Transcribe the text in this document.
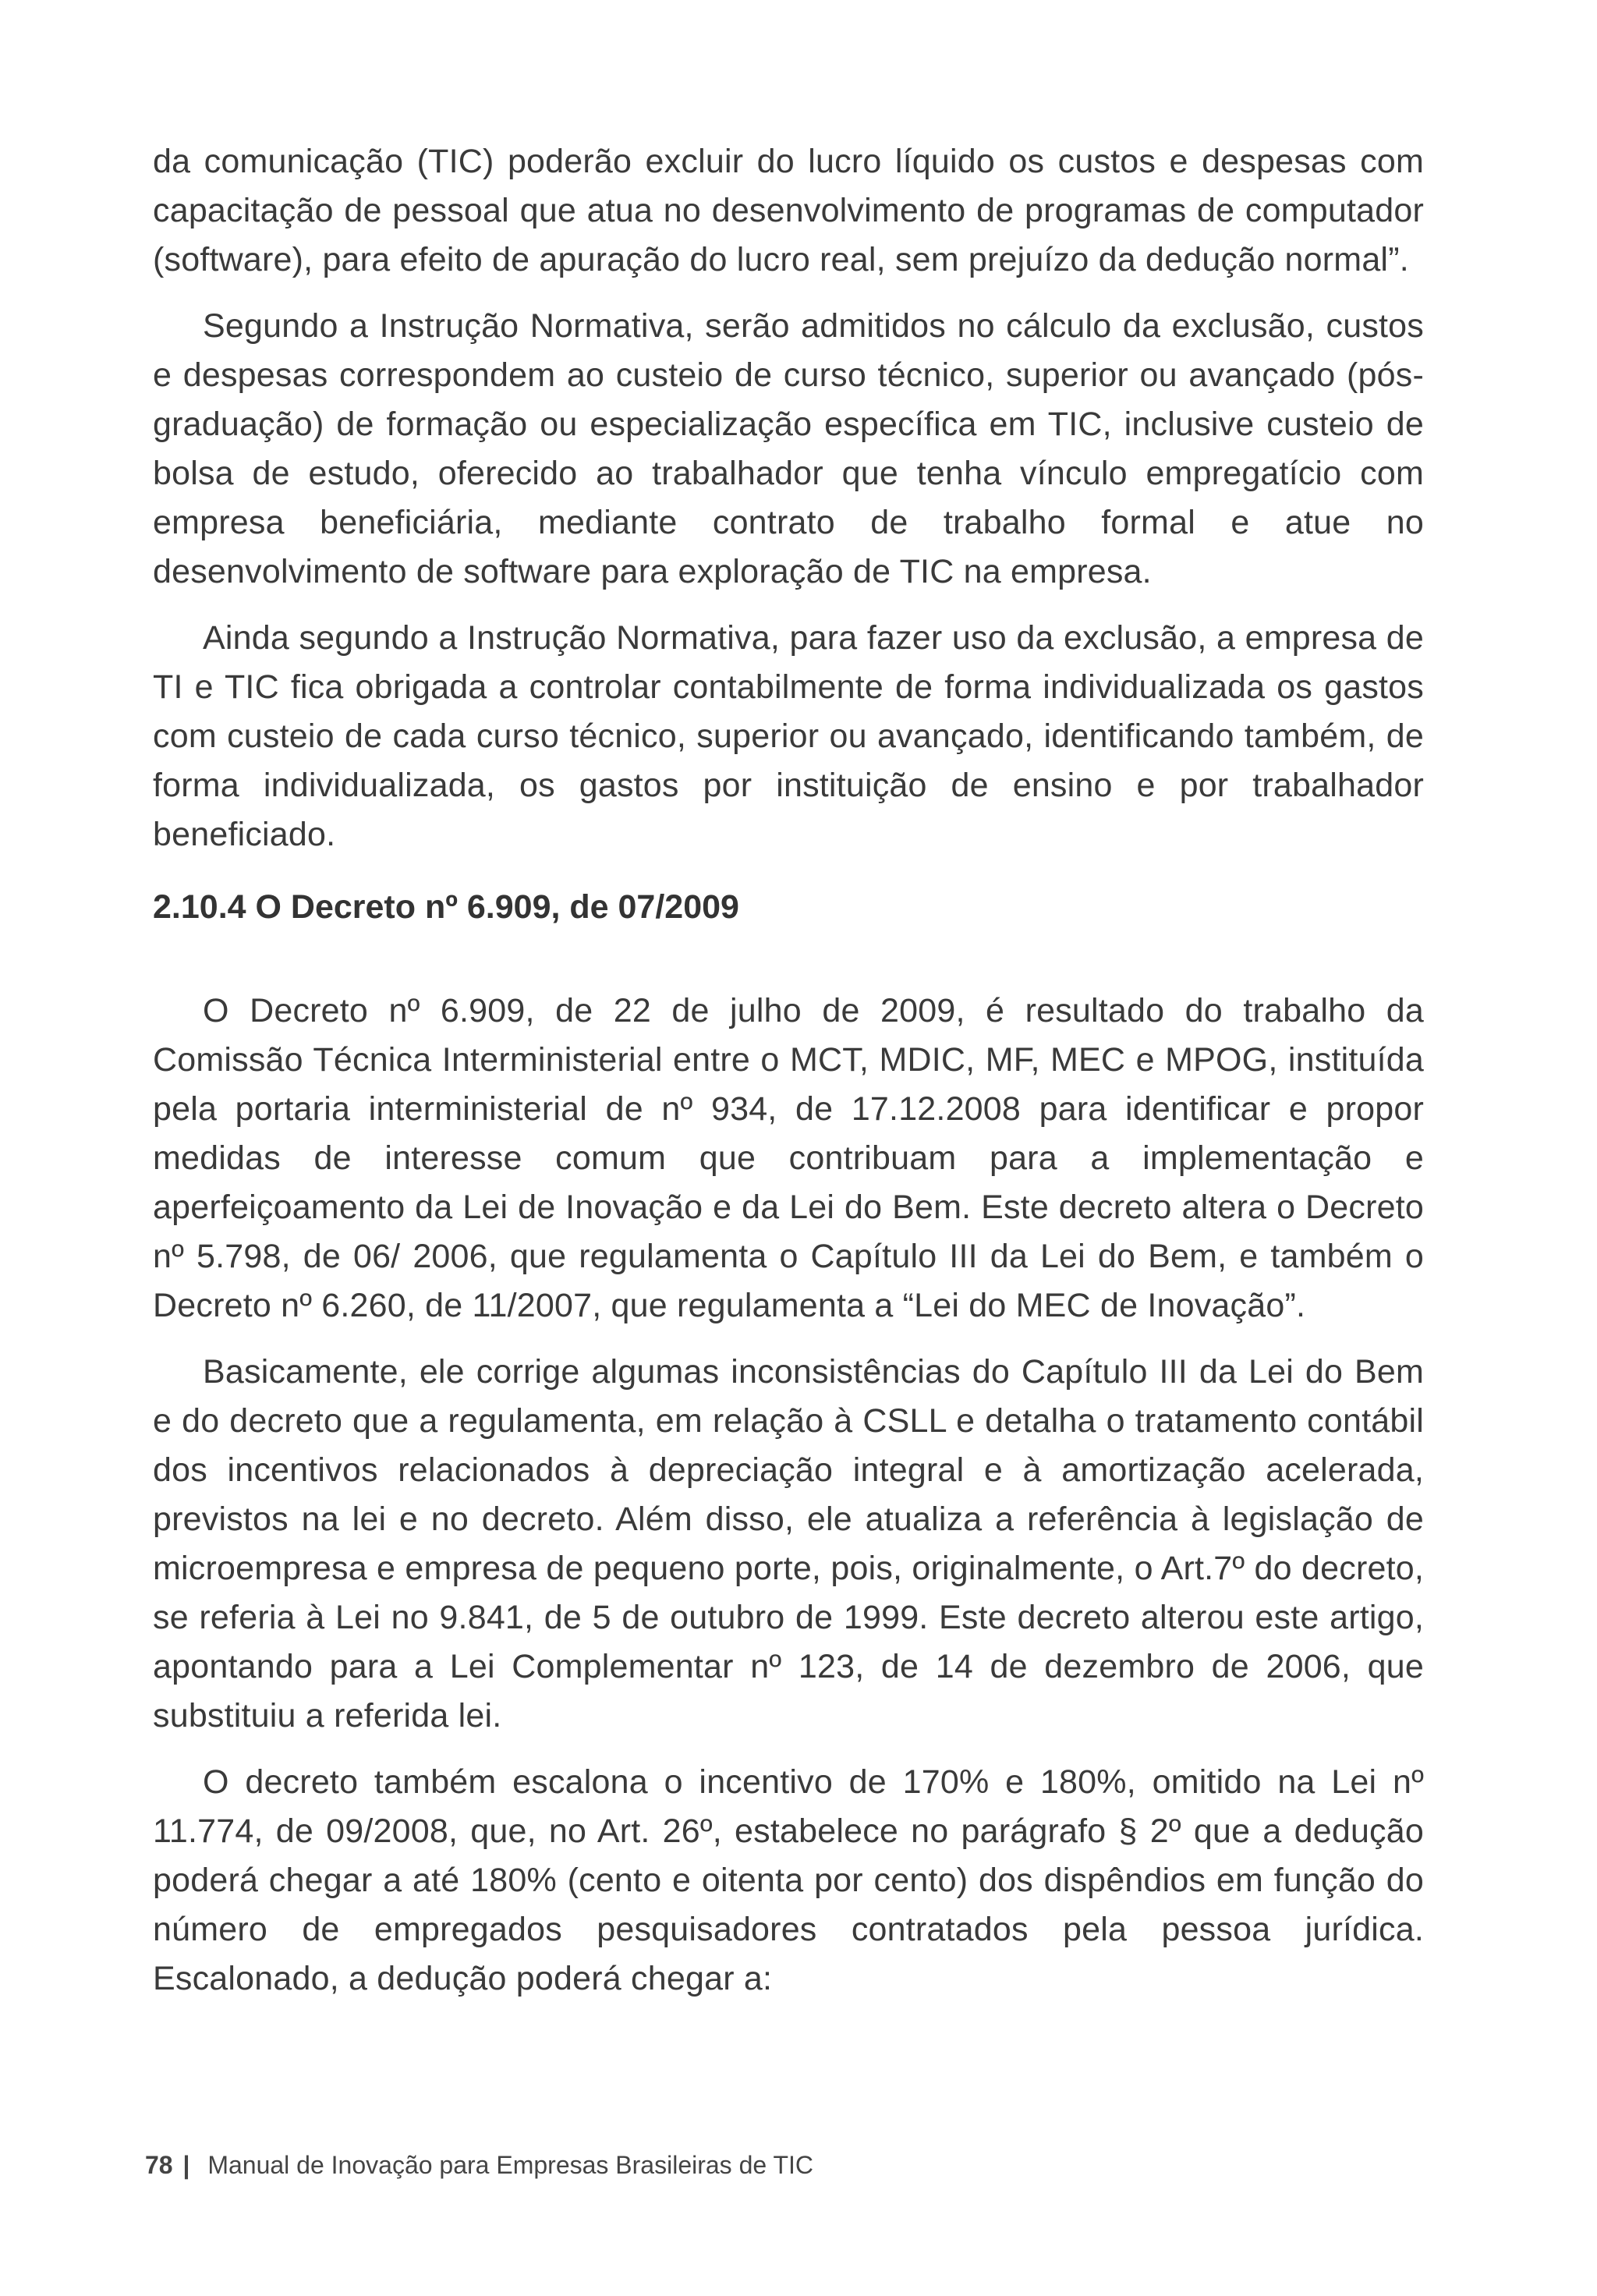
da comunicação (TIC) poderão excluir do lucro líquido os custos e despesas com capacitação de pessoal que atua no desenvolvimento de programas de computador (software), para efeito de apuração do lucro real, sem prejuízo da dedução normal”.

Segundo a Instrução Normativa, serão admitidos no cálculo da exclusão, custos e despesas correspondem ao custeio de curso técnico, superior ou avançado (pós-graduação) de formação ou especialização específica em TIC, inclusive custeio de bolsa de estudo, oferecido ao trabalhador que tenha vínculo empregatício com empresa beneficiária, mediante contrato de trabalho formal e atue no desenvolvimento de software para exploração de TIC na empresa.

Ainda segundo a Instrução Normativa, para fazer uso da exclusão, a empresa de TI e TIC fica obrigada a controlar contabilmente de forma individualizada os gastos com custeio de cada curso técnico, superior ou avançado, identificando também, de forma individualizada, os gastos por instituição de ensino e por trabalhador beneficiado.

2.10.4 O Decreto nº 6.909, de 07/2009

O Decreto nº 6.909, de 22 de julho de 2009, é resultado do trabalho da Comissão Técnica Interministerial entre o MCT, MDIC, MF, MEC e MPOG, instituída pela portaria interministerial de nº 934, de 17.12.2008 para identificar e propor medidas de interesse comum que contribuam para a implementação e aperfeiçoamento da Lei de Inovação e da Lei do Bem. Este decreto altera o Decreto nº 5.798, de 06/ 2006, que regulamenta o Capítulo III da Lei do Bem, e também o Decreto nº 6.260, de 11/2007, que regulamenta a “Lei do MEC de Inovação”.

Basicamente, ele corrige algumas inconsistências do Capítulo III da Lei do Bem e do decreto que a regulamenta, em relação à CSLL e detalha o tratamento contábil dos incentivos relacionados à depreciação integral e à amortização acelerada, previstos na lei e no decreto. Além disso, ele atualiza a referência à legislação de microempresa e empresa de pequeno porte, pois, originalmente, o Art.7º do decreto, se referia à Lei no 9.841, de 5 de outubro de 1999. Este decreto alterou este artigo, apontando para a Lei Complementar nº 123, de 14 de dezembro de 2006, que substituiu a referida lei.

O decreto também escalona o incentivo de 170% e 180%, omitido na Lei nº 11.774, de 09/2008, que, no Art. 26º, estabelece no parágrafo § 2º que a dedução poderá chegar a até 180% (cento e oitenta por cento) dos dispêndios em função do número de empregados pesquisadores contratados pela pessoa jurídica. Escalonado, a dedução poderá chegar a:

78 | Manual de Inovação para Empresas Brasileiras de TIC
